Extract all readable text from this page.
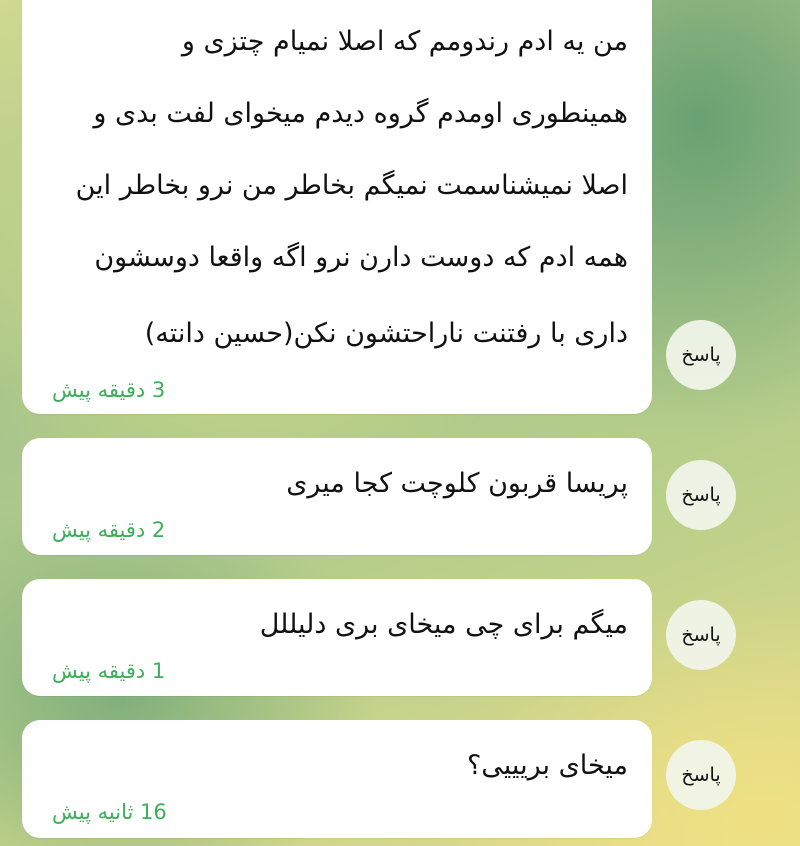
من یه ادم رندومم که اصلا نمیام چتزی و
همینطوری اومدم گروه دیدم میخوای لفت بدی و
اصلا نمیشناسمت نمیگم بخاطر من نرو بخاطر این
همه ادم که دوست دارن نرو اگه واقعا دوسشون
داری با رفتنت ناراحتشون نکن(حسین دانته)
3 دقیقه پیش
پاسخ
پریسا قربون کلوچت کجا میری
2 دقیقه پیش
پاسخ
میگم برای چی میخای بری دلیللل
1 دقیقه پیش
پاسخ
میخای بریییی؟
16 ثانیه پیش
پاسخ
